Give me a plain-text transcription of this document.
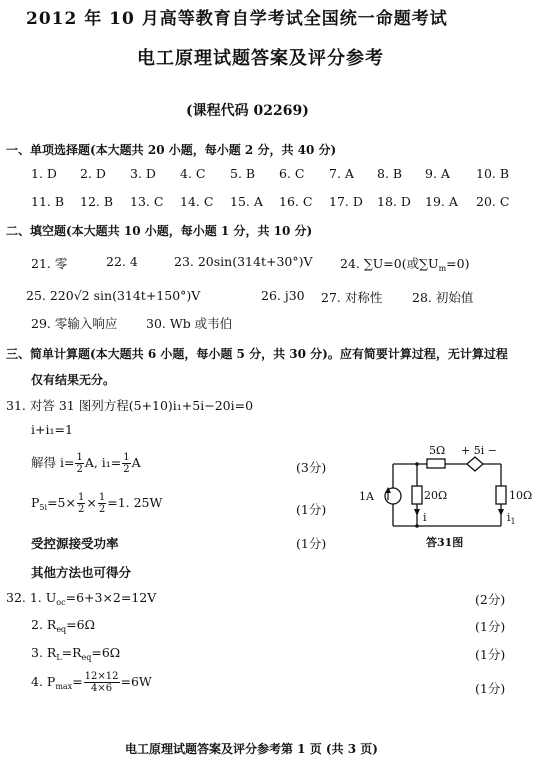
2012 年 10 月高等教育自学考试全国统一命题考试
电工原理试题答案及评分参考
(课程代码 02269)
一、单项选择题(本大题共 20 小题，每小题 2 分，共 40 分)
1. D 2. D 3. D 4. C 5. B 6. C 7. A 8. B 9. A 10. B
11. B 12. B 13. C 14. C 15. A 16. C 17. D 18. D 19. A 20. C
二、填空题(本大题共 10 小题，每小题 1 分，共 10 分)
21. 零	22. 4	23. 20sin(314t+30°)V 24. ∑U=0(或$\sum U_m=0$)
25. 220√2 sin(314t+150°)V	26. j30 27. 对称性 28. 初始值
29. 零输入响应 30. Wb 或韦伯
三、简单计算题(本大题共 6 小题，每小题 5 分，共 30 分)。应有简要计算过程，无计算过程
仅有结果无分。
31. 对答 31 图列方程(5+10)i₁+5i−20i=0
i+i₁=1
解得 $i= \frac{1}{2} A$, $i_1= \frac{1}{2}$ A	(3分)
$P_{5i}=5\times \frac{1}{2} \times \frac{1}{2} =1$. 25W	(1分)
受控源接受功率	(1分)
其他方法也可得分
5Ω + 5i −
1A	20Ω	10Ω
i	$i_1$
答31图
32. 1. $U_{oc}=6+3\times 2=12V$	(2分)
2. $R_{eq}=6\Omega$	(1分)
3. $R_L=R_{eq}=6\Omega$	(1分)
4. $P_{max}= \frac{12\times 12}{4\times 6} =6W$	(1分)
电工原理试题答案及评分参考第 1 页 (共 3 页)
